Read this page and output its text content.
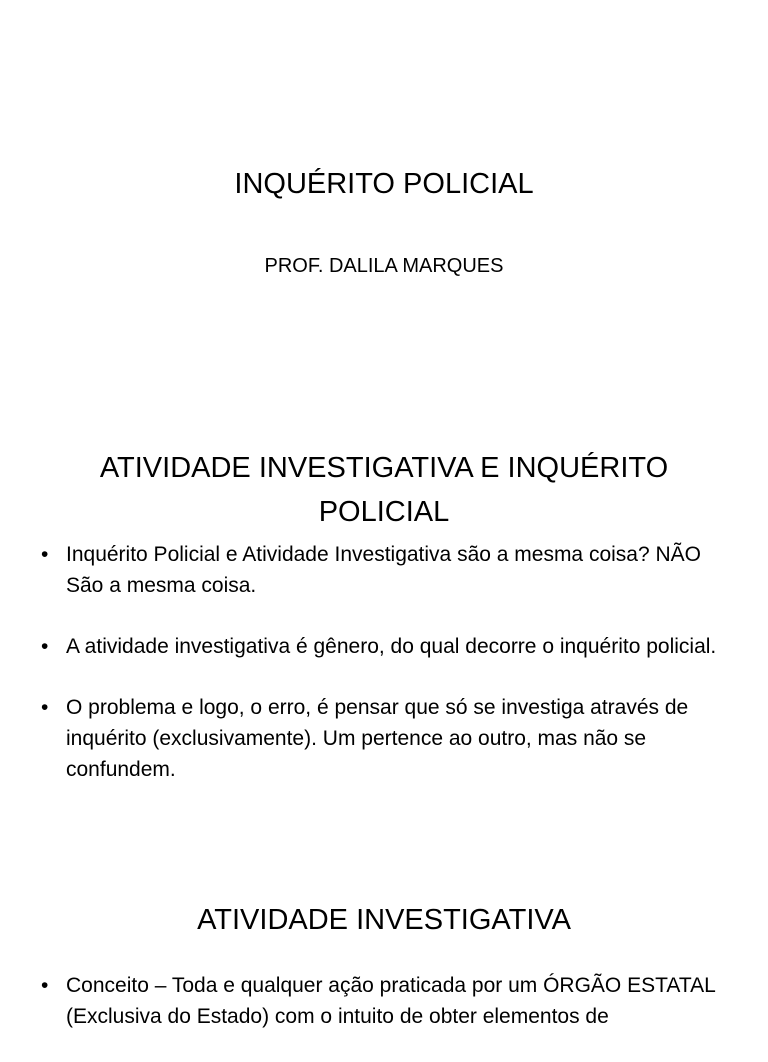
INQUÉRITO POLICIAL

PROF. DALILA MARQUES

ATIVIDADE INVESTIGATIVA E INQUÉRITO
POLICIAL
• Inquérito Policial e Atividade Investigativa são a mesma coisa? NÃO São a mesma coisa.
• A atividade investigativa é gênero, do qual decorre o inquérito policial.
• O problema e logo, o erro, é pensar que só se investiga através de inquérito (exclusivamente). Um pertence ao outro, mas não se confundem.
ATIVIDADE INVESTIGATIVA
• Conceito – Toda e qualquer ação praticada por um ÓRGÃO ESTATAL (Exclusiva do Estado) com o intuito de obter elementos de
